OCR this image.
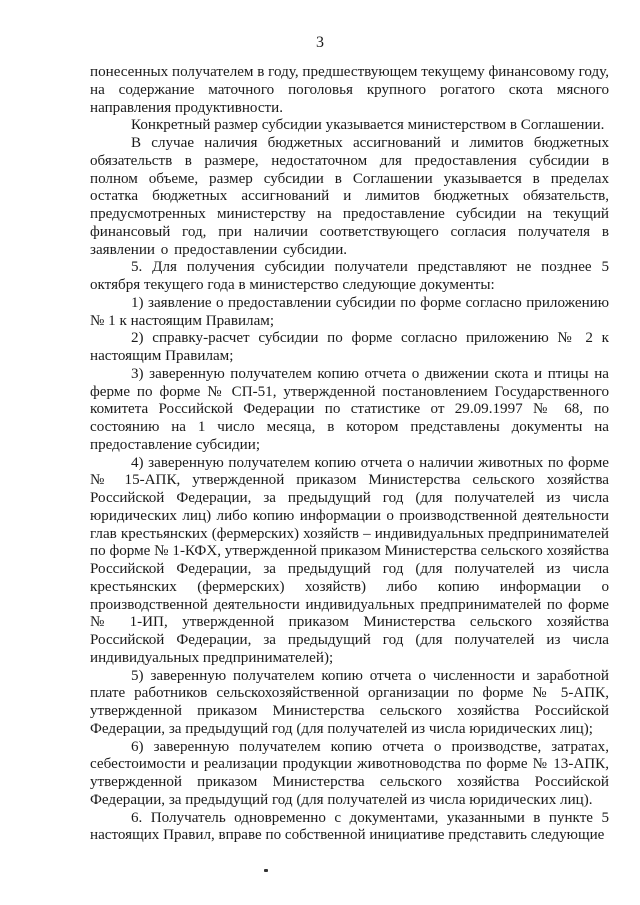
3

понесенных получателем в году, предшествующем текущему финансовому году, на содержание маточного поголовья крупного рогатого скота мясного направления продуктивности.

Конкретный размер субсидии указывается министерством в Соглашении.

В случае наличия бюджетных ассигнований и лимитов бюджетных обязательств в размере, недостаточном для предоставления субсидии в полном объеме, размер субсидии в Соглашении указывается в пределах остатка бюджетных ассигнований и лимитов бюджетных обязательств, предусмотренных министерству на предоставление субсидии на текущий финансовый год, при наличии соответствующего согласия получателя в заявлении о предоставлении субсидии.

5. Для получения субсидии получатели представляют не позднее 5 октября текущего года в министерство следующие документы:

1) заявление о предоставлении субсидии по форме согласно приложению № 1 к настоящим Правилам;

2) справку-расчет субсидии по форме согласно приложению № 2 к настоящим Правилам;

3) заверенную получателем копию отчета о движении скота и птицы на ферме по форме № СП-51, утвержденной постановлением Государственного комитета Российской Федерации по статистике от 29.09.1997 № 68, по состоянию на 1 число месяца, в котором представлены документы на предоставление субсидии;

4) заверенную получателем копию отчета о наличии животных по форме № 15-АПК, утвержденной приказом Министерства сельского хозяйства Российской Федерации, за предыдущий год (для получателей из числа юридических лиц) либо копию информации о производственной деятельности глав крестьянских (фермерских) хозяйств – индивидуальных предпринимателей по форме № 1-КФХ, утвержденной приказом Министерства сельского хозяйства Российской Федерации, за предыдущий год (для получателей из числа крестьянских (фермерских) хозяйств) либо копию информации о производственной деятельности индивидуальных предпринимателей по форме № 1-ИП, утвержденной приказом Министерства сельского хозяйства Российской Федерации, за предыдущий год (для получателей из числа индивидуальных предпринимателей);

5) заверенную получателем копию отчета о численности и заработной плате работников сельскохозяйственной организации по форме № 5-АПК, утвержденной приказом Министерства сельского хозяйства Российской Федерации, за предыдущий год (для получателей из числа юридических лиц);

6) заверенную получателем копию отчета о производстве, затратах, себестоимости и реализации продукции животноводства по форме № 13-АПК, утвержденной приказом Министерства сельского хозяйства Российской Федерации, за предыдущий год (для получателей из числа юридических лиц).

6. Получатель одновременно с документами, указанными в пункте 5 настоящих Правил, вправе по собственной инициативе представить следующие
